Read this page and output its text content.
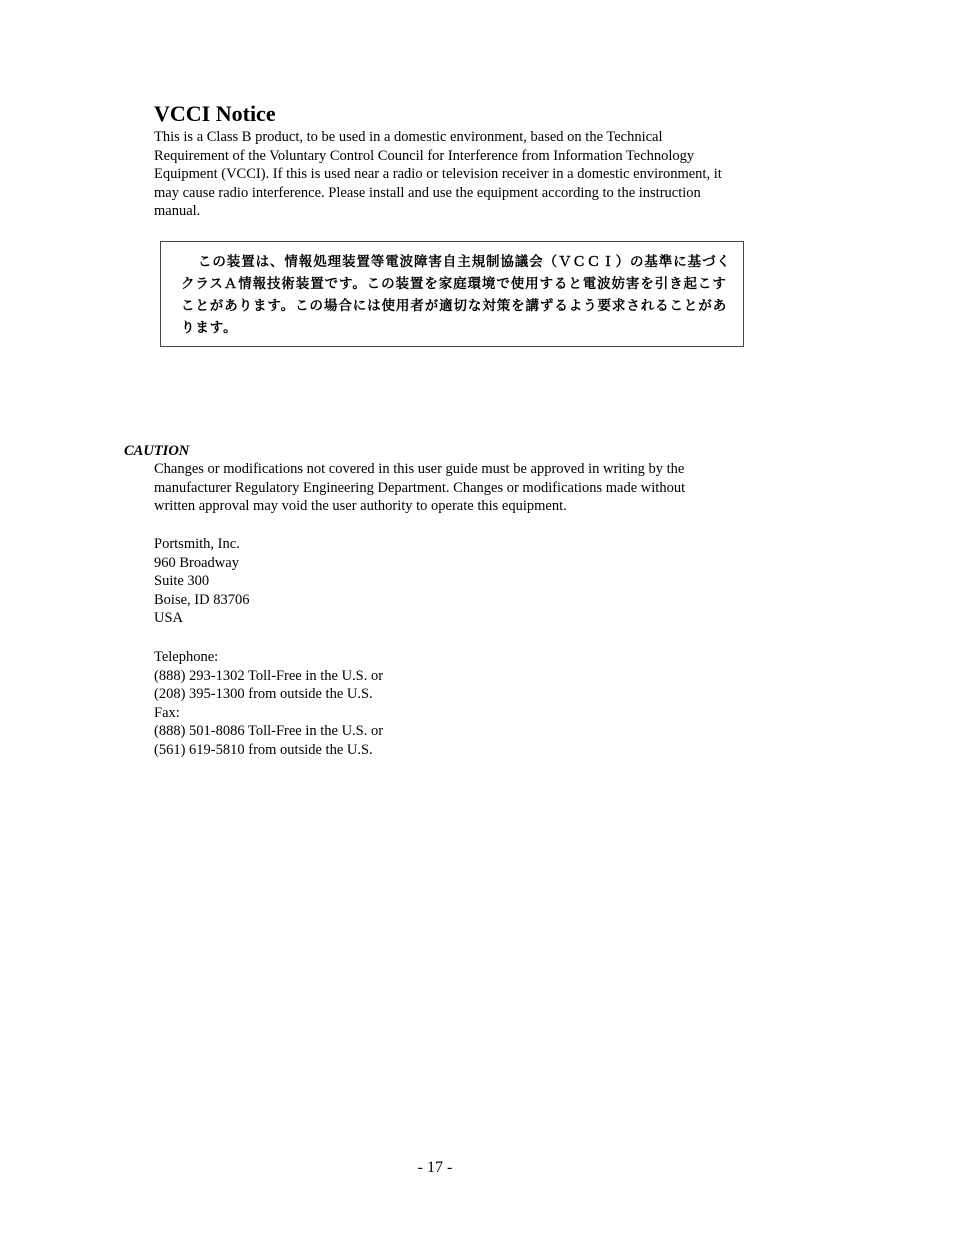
VCCI Notice

This is a Class B product, to be used in a domestic environment, based on the Technical Requirement of the Voluntary Control Council for Interference from Information Technology Equipment (VCCI). If this is used near a radio or television receiver in a domestic environment, it may cause radio interference. Please install and use the equipment according to the instruction manual.

この装置は、情報処理装置等電波障害自主規制協議会（ＶＣＣＩ）の基準に基づくクラスＡ情報技術装置です。この装置を家庭環境で使用すると電波妨害を引き起こすことがあります。この場合には使用者が適切な対策を講ずるよう要求されることがあります。

CAUTION

Changes or modifications not covered in this user guide must be approved in writing by the manufacturer Regulatory Engineering Department. Changes or modifications made without written approval may void the user authority to operate this equipment.

Portsmith, Inc.
960 Broadway
Suite 300
Boise, ID 83706
USA
Telephone:
(888) 293-1302 Toll-Free in the U.S. or
(208) 395-1300 from outside the U.S.
Fax:
(888) 501-8086 Toll-Free in the U.S. or
(561) 619-5810 from outside the U.S.
- 17 -
